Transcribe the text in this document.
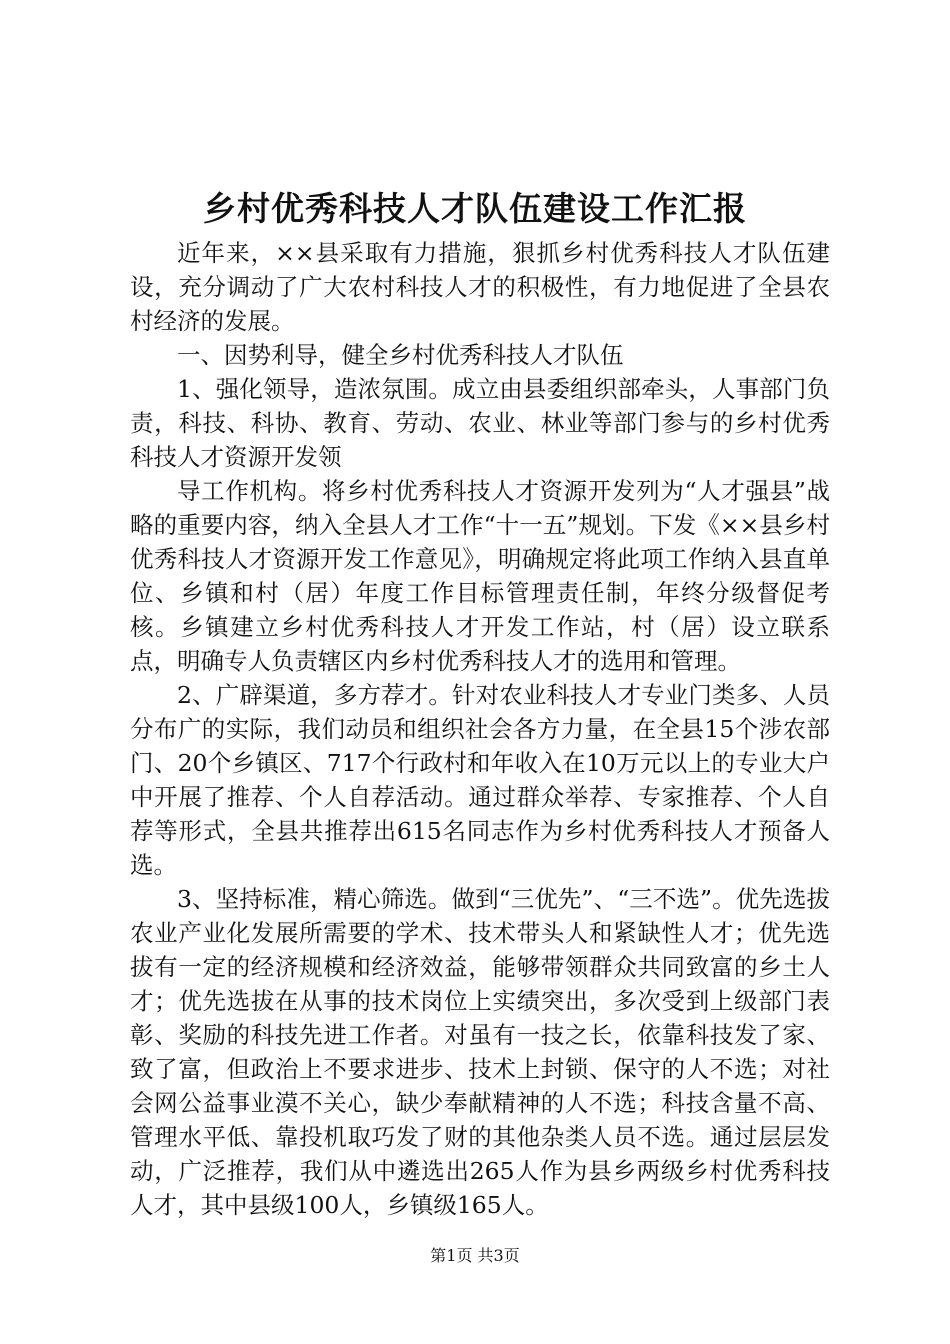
乡村优秀科技人才队伍建设工作汇报

近年来，××县采取有力措施，狠抓乡村优秀科技人才队伍建设，充分调动了广大农村科技人才的积极性，有力地促进了全县农村经济的发展。

一、因势利导，健全乡村优秀科技人才队伍

1、强化领导，造浓氛围。成立由县委组织部牵头，人事部门负责，科技、科协、教育、劳动、农业、林业等部门参与的乡村优秀科技人才资源开发领

导工作机构。将乡村优秀科技人才资源开发列为“人才强县”战略的重要内容，纳入全县人才工作“十一五”规划。下发《××县乡村优秀科技人才资源开发工作意见》，明确规定将此项工作纳入县直单位、乡镇和村（居）年度工作目标管理责任制，年终分级督促考核。乡镇建立乡村优秀科技人才开发工作站，村（居）设立联系点，明确专人负责辖区内乡村优秀科技人才的选用和管理。

2、广辟渠道，多方荐才。针对农业科技人才专业门类多、人员分布广的实际，我们动员和组织社会各方力量，在全县15个涉农部门、20个乡镇区、717个行政村和年收入在10万元以上的专业大户中开展了推荐、个人自荐活动。通过群众举荐、专家推荐、个人自荐等形式，全县共推荐出615名同志作为乡村优秀科技人才预备人选。

3、坚持标准，精心筛选。做到“三优先”、“三不选”。优先选拔农业产业化发展所需要的学术、技术带头人和紧缺性人才；优先选拔有一定的经济规模和经济效益，能够带领群众共同致富的乡土人才；优先选拔在从事的技术岗位上实绩突出，多次受到上级部门表彰、奖励的科技先进工作者。对虽有一技之长，依靠科技发了家、致了富，但政治上不要求进步、技术上封锁、保守的人不选；对社会网公益事业漠不关心，缺少奉献精神的人不选；科技含量不高、管理水平低、靠投机取巧发了财的其他杂类人员不选。通过层层发动，广泛推荐，我们从中遴选出265人作为县乡两级乡村优秀科技人才，其中县级100人，乡镇级165人。

第1页 共3页
